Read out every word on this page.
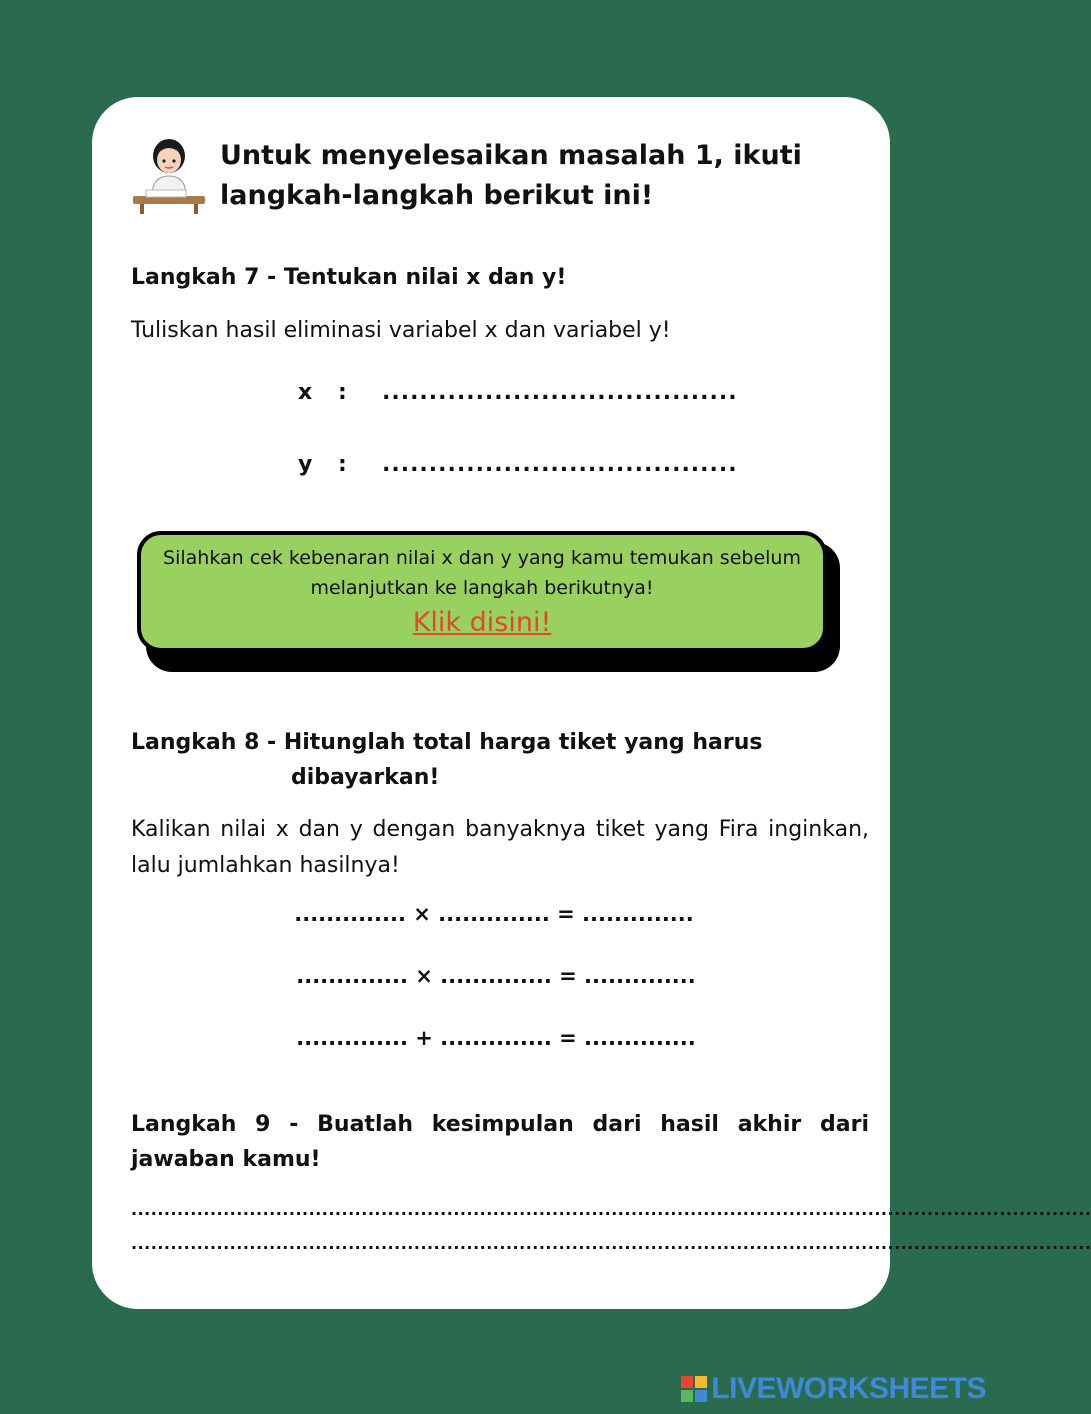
Untuk menyelesaikan masalah 1, ikuti langkah-langkah berikut ini!
Langkah 7 - Tentukan nilai x dan y!
Tuliskan hasil eliminasi variabel x dan variabel y!
x	:	......................................
y	:	......................................
Silahkan cek kebenaran nilai x dan y yang kamu temukan sebelum melanjutkan ke langkah berikutnya!
Klik disini!
Langkah 8 - Hitunglah total harga tiket yang harus
dibayarkan!
Kalikan nilai x dan y dengan banyaknya tiket yang Fira inginkan, lalu jumlahkan hasilnya!
.............. × .............. = ..............
.............. × .............. = ..............
.............. + .............. = ..............
Langkah 9 - Buatlah kesimpulan dari hasil akhir dari jawaban kamu!
..................................................................................................................................................
..................................................................................................................................................
LIVEWORKSHEETS
